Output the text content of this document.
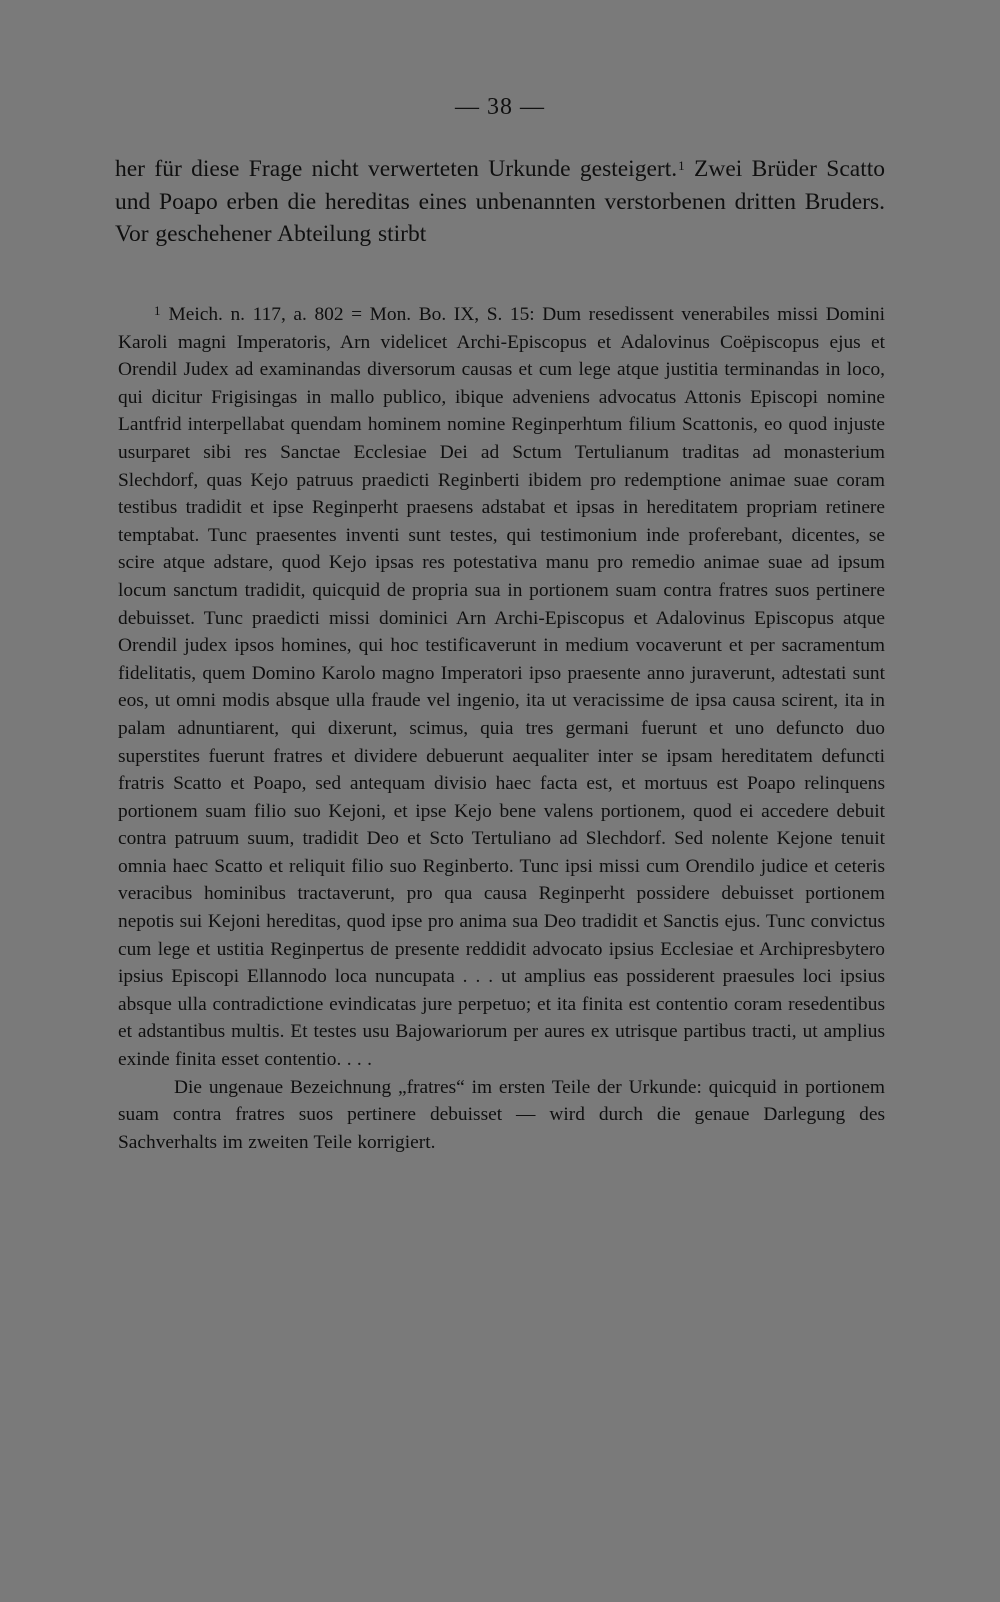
— 38 —

her für diese Frage nicht verwerteten Urkunde gesteigert.$^1$ Zwei Brüder Scatto und Poapo erben die hereditas eines unbenannten verstorbenen dritten Bruders. Vor geschehener Abteilung stirbt

$^1$ Meich. n. 117, a. 802 = Mon. Bo. IX, S. 15: Dum resedissent venerabiles missi Domini Karoli magni Imperatoris, Arn videlicet Archi-Episcopus et Adalovinus Coëpiscopus ejus et Orendil Judex ad examinandas diversorum causas et cum lege atque justitia terminandas in loco, qui dicitur Frigisingas in mallo publico, ibique adveniens advocatus Attonis Episcopi nomine Lantfrid interpellabat quendam hominem nomine Reginperhtum filium Scattonis, eo quod injuste usurparet sibi res Sanctae Ecclesiae Dei ad Sctum Tertulianum traditas ad monasterium Slechdorf, quas Kejo patruus praedicti Reginberti ibidem pro redemptione animae suae coram testibus tradidit et ipse Reginperht praesens adstabat et ipsas in hereditatem propriam retinere temptabat. Tunc praesentes inventi sunt testes, qui testimonium inde proferebant, dicentes, se scire atque adstare, quod Kejo ipsas res potestativa manu pro remedio animae suae ad ipsum locum sanctum tradidit, quicquid de propria sua in portionem suam contra fratres suos pertinere debuisset. Tunc praedicti missi dominici Arn Archi-Episcopus et Adalovinus Episcopus atque Orendil judex ipsos homines, qui hoc testificaverunt in medium vocaverunt et per sacramentum fidelitatis, quem Domino Karolo magno Imperatori ipso praesente anno juraverunt, adtestati sunt eos, ut omni modis absque ulla fraude vel ingenio, ita ut veracissime de ipsa causa scirent, ita in palam adnuntiarent, qui dixerunt, scimus, quia tres germani fuerunt et uno defuncto duo superstites fuerunt fratres et dividere debuerunt aequaliter inter se ipsam hereditatem defuncti fratris Scatto et Poapo, sed antequam divisio haec facta est, et mortuus est Poapo relinquens portionem suam filio suo Kejoni, et ipse Kejo bene valens portionem, quod ei accedere debuit contra patruum suum, tradidit Deo et Scto Tertuliano ad Slechdorf. Sed nolente Kejone tenuit omnia haec Scatto et reliquit filio suo Reginberto. Tunc ipsi missi cum Orendilo judice et ceteris veracibus hominibus tractaverunt, pro qua causa Reginperht possidere debuisset portionem nepotis sui Kejoni hereditas, quod ipse pro anima sua Deo tradidit et Sanctis ejus. Tunc convictus cum lege et ustitia Reginpertus de presente reddidit advocato ipsius Ecclesiae et Archipresbytero ipsius Episcopi Ellannodo loca nuncupata . . . ut amplius eas possiderent praesules loci ipsius absque ulla contradictione evindicatas jure perpetuo; et ita finita est contentio coram resedentibus et adstantibus multis. Et testes usu Bajowariorum per aures ex utrisque partibus tracti, ut amplius exinde finita esset contentio. . . .

Die ungenaue Bezeichnung „fratres“ im ersten Teile der Urkunde: quicquid in portionem suam contra fratres suos pertinere debuisset — wird durch die genaue Darlegung des Sachverhalts im zweiten Teile korrigiert.
